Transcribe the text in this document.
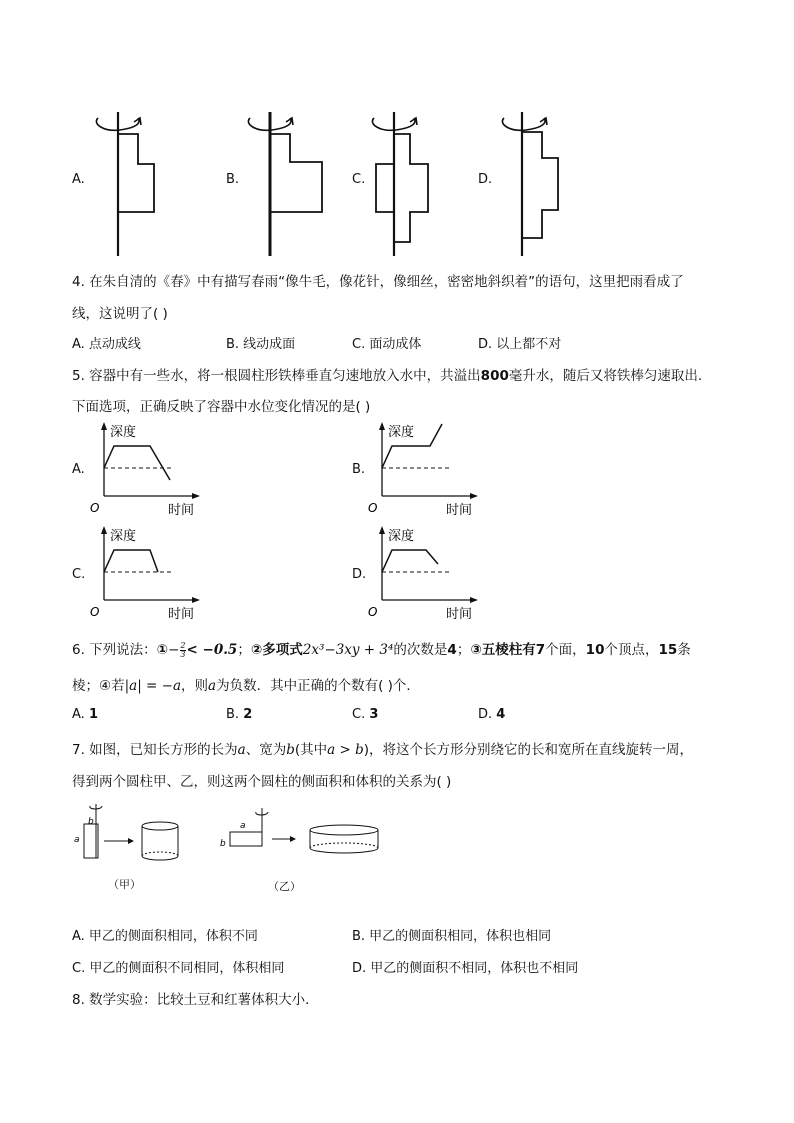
A.	B.	C.	D.
4. 在朱自清的《春》中有描写春雨“像牛毛，像花针，像细丝，密密地斜织着”的语句，这里把雨看成了
线，这说明了( )
A. 点动成线	B. 线动成面	C. 面动成体	D. 以上都不对
5. 容器中有一些水，将一根圆柱形铁棒垂直匀速地放入水中，共溢出800毫升水，随后又将铁棒匀速取出.
下面选项，正确反映了容器中水位变化情况的是( )
A.
深度
O	时间
B.
深度
O	时间
C.
深度
O	时间
D.
深度
O	时间
6. 下列说法：①− $\frac{2}{3} < -0.5$；②多项式2x³−3xy + 3⁴的次数是4；③五棱柱有7个面，10个顶点，15条
棱；④若|a| = −a，则a为负数．其中正确的个数有( )个．
A. 1	B. 2	C. 3	D. 4
7. 如图，已知长方形的长为a、宽为b(其中a > b)，将这个长方形分别绕它的长和宽所在直线旋转一周，
得到两个圆柱甲、乙，则这两个圆柱的侧面积和体积的关系为( )
b
a
（甲）
a
b
（乙）
A. 甲乙的侧面积相同，体积不同	B. 甲乙的侧面积相同，体积也相同
C. 甲乙的侧面积不同相同，体积相同	D. 甲乙的侧面积不相同，体积也不相同
8. 数学实验：比较土豆和红薯体积大小．
